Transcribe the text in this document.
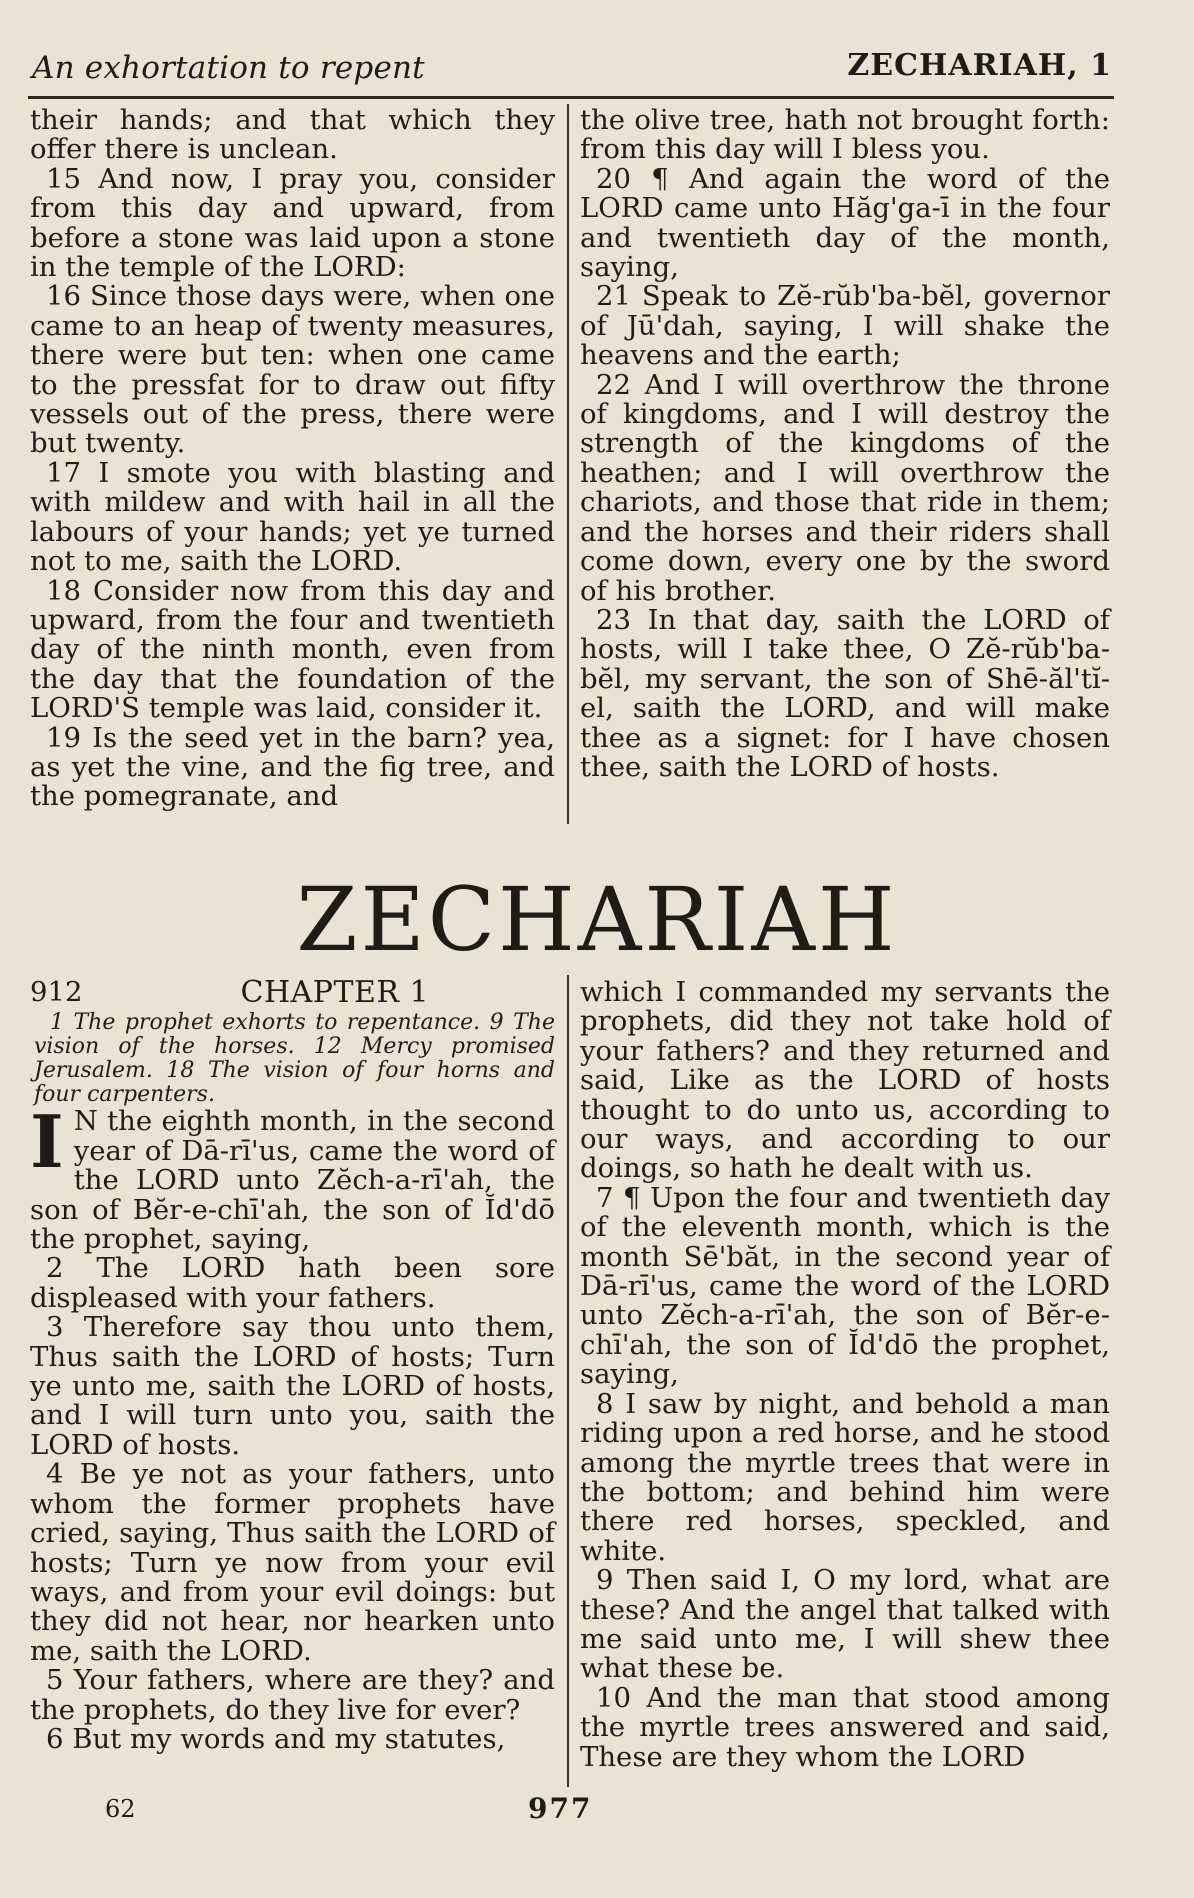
An exhortation to repent	ZECHARIAH, 1

their hands; and that which they offer there is unclean.

15 And now, I pray you, consider from this day and upward, from before a stone was laid upon a stone in the temple of the LORD:

16 Since those days were, when one came to an heap of twenty measures, there were but ten: when one came to the pressfat for to draw out fifty vessels out of the press, there were but twenty.

17 I smote you with blasting and with mildew and with hail in all the labours of your hands; yet ye turned not to me, saith the LORD.

18 Consider now from this day and upward, from the four and twentieth day of the ninth month, even from the day that the foundation of the LORD'S temple was laid, consider it.

19 Is the seed yet in the barn? yea, as yet the vine, and the fig tree, and the pomegranate, and

the olive tree, hath not brought forth: from this day will I bless you.

20 ¶ And again the word of the LORD came unto Hăg'ga-ī in the four and twentieth day of the month, saying,

21 Speak to Zĕ-rŭb'ba-bĕl, governor of Jū'dah, saying, I will shake the heavens and the earth;

22 And I will overthrow the throne of kingdoms, and I will destroy the strength of the kingdoms of the heathen; and I will overthrow the chariots, and those that ride in them; and the horses and their riders shall come down, every one by the sword of his brother.

23 In that day, saith the LORD of hosts, will I take thee, O Zĕ-rŭb'ba-bĕl, my servant, the son of Shē-ăl'tĭ-el, saith the LORD, and will make thee as a signet: for I have chosen thee, saith the LORD of hosts.

ZECHARIAH
912	CHAPTER 1

1 The prophet exhorts to repentance. 9 The vision of the horses. 12 Mercy promised Jerusalem. 18 The vision of four horns and four carpenters.

I N the eighth month, in the second year of Dā-rī'us, came the word of the LORD unto Zĕch-a-rī'ah, the son of Bĕr-e-chī'ah, the son of Ĭd'dō the prophet, saying,

2 The LORD hath been sore displeased with your fathers.

3 Therefore say thou unto them, Thus saith the LORD of hosts; Turn ye unto me, saith the LORD of hosts, and I will turn unto you, saith the LORD of hosts.

4 Be ye not as your fathers, unto whom the former prophets have cried, saying, Thus saith the LORD of hosts; Turn ye now from your evil ways, and from your evil doings: but they did not hear, nor hearken unto me, saith the LORD.

5 Your fathers, where are they? and the prophets, do they live for ever?

6 But my words and my statutes,

which I commanded my servants the prophets, did they not take hold of your fathers? and they returned and said, Like as the LORD of hosts thought to do unto us, according to our ways, and according to our doings, so hath he dealt with us.

7 ¶ Upon the four and twentieth day of the eleventh month, which is the month Sē'băt, in the second year of Dā-rī'us, came the word of the LORD unto Zĕch-a-rī'ah, the son of Bĕr-e-chī'ah, the son of Ĭd'dō the prophet, saying,

8 I saw by night, and behold a man riding upon a red horse, and he stood among the myrtle trees that were in the bottom; and behind him were there red horses, speckled, and white.

9 Then said I, O my lord, what are these? And the angel that talked with me said unto me, I will shew thee what these be.

10 And the man that stood among the myrtle trees answered and said, These are they whom the LORD

62	977
